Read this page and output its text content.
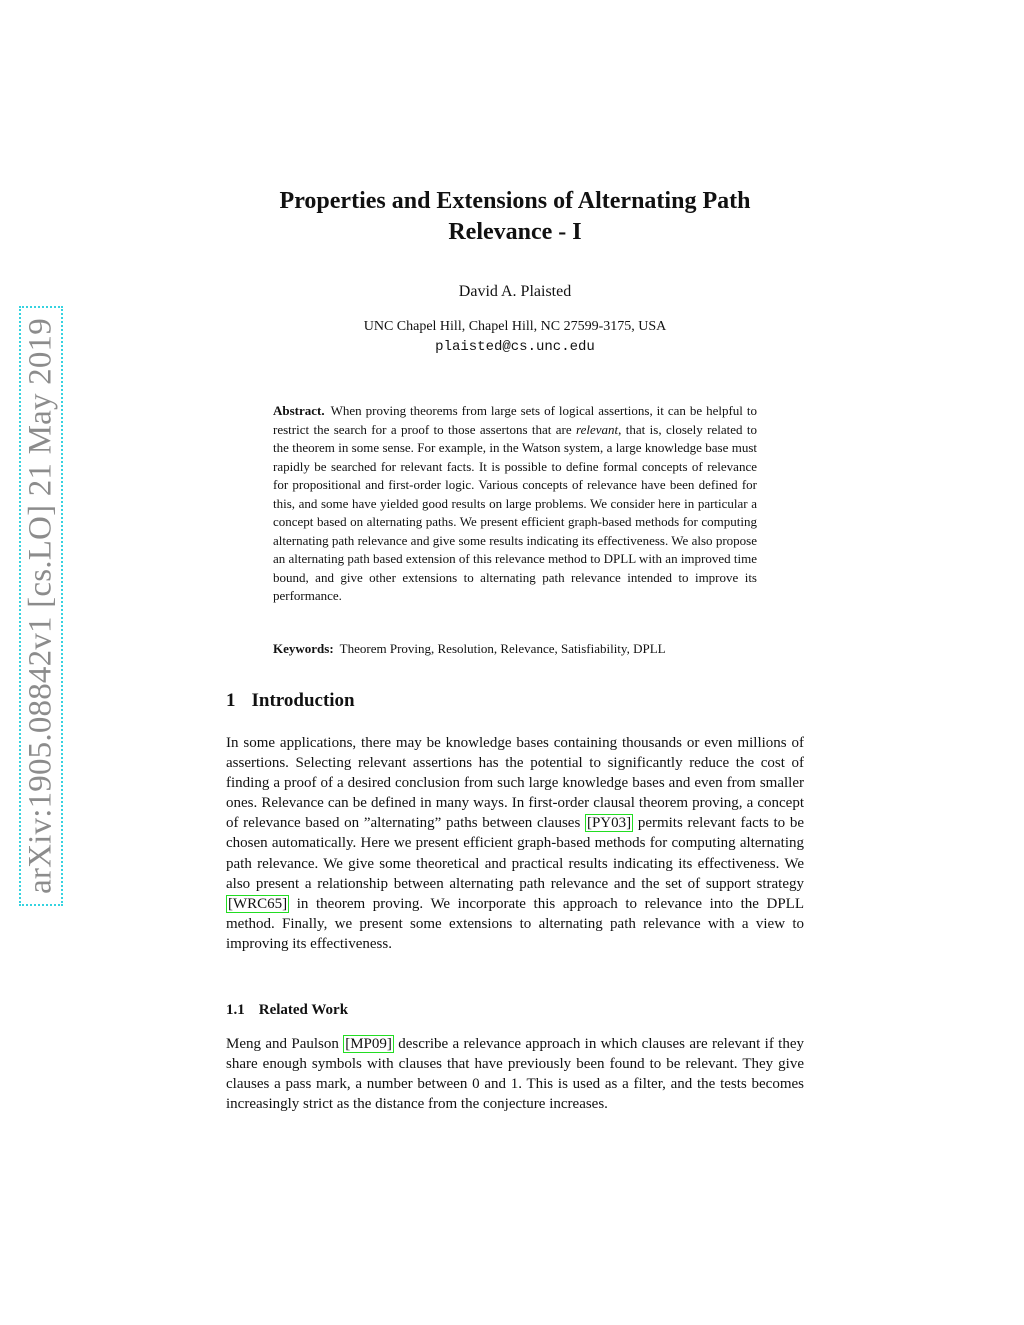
arXiv:1905.08842v1 [cs.LO] 21 May 2019
Properties and Extensions of Alternating Path
Relevance - I
David A. Plaisted
UNC Chapel Hill, Chapel Hill, NC 27599-3175, USA
plaisted@cs.unc.edu

Abstract. When proving theorems from large sets of logical assertions, it can be helpful to restrict the search for a proof to those assertons that are relevant, that is, closely related to the theorem in some sense. For example, in the Watson system, a large knowledge base must rapidly be searched for relevant facts. It is possible to define formal concepts of relevance for propositional and first-order logic. Various concepts of relevance have been defined for this, and some have yielded good results on large problems. We consider here in particular a concept based on alternating paths. We present efficient graph-based methods for computing alternating path relevance and give some results indicating its effectiveness. We also propose an alternating path based extension of this relevance method to DPLL with an improved time bound, and give other extensions to alternating path relevance intended to improve its performance.

Keywords: Theorem Proving, Resolution, Relevance, Satisfiability, DPLL

1 Introduction

In some applications, there may be knowledge bases containing thousands or even millions of assertions. Selecting relevant assertions has the potential to significantly reduce the cost of finding a proof of a desired conclusion from such large knowledge bases and even from smaller ones. Relevance can be defined in many ways. In first-order clausal theorem proving, a concept of relevance based on ”alternating” paths between clauses [PY03] permits relevant facts to be chosen automatically. Here we present efficient graph-based methods for computing alternating path relevance. We give some theoretical and practical results indicating its effectiveness. We also present a relationship between alternating path relevance and the set of support strategy [WRC65] in theorem proving. We incorporate this approach to relevance into the DPLL method. Finally, we present some extensions to alternating path relevance with a view to improving its effectiveness.

1.1 Related Work

Meng and Paulson [MP09] describe a relevance approach in which clauses are relevant if they share enough symbols with clauses that have previously been found to be relevant. They give clauses a pass mark, a number between 0 and 1. This is used as a filter, and the tests becomes increasingly strict as the distance from the conjecture increases.
